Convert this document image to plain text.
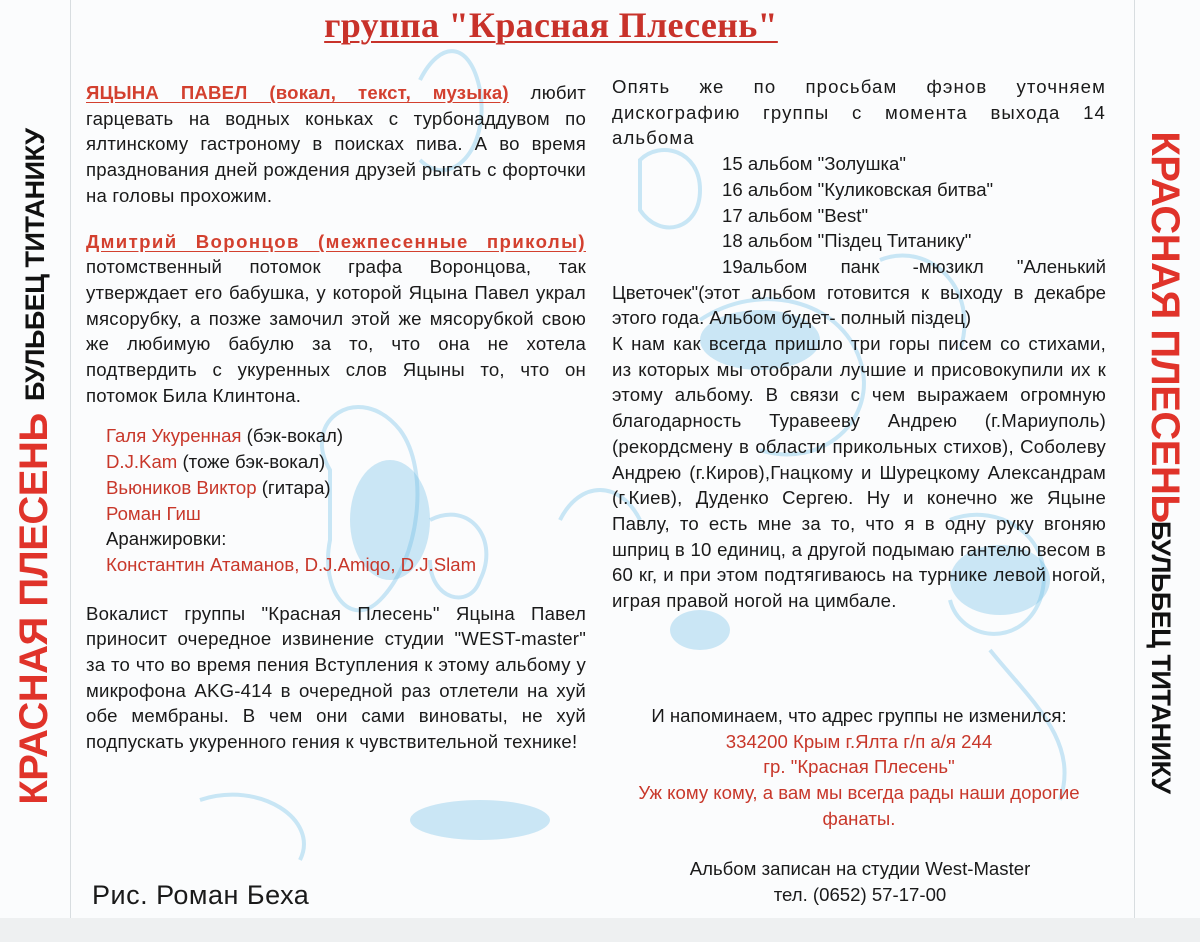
группа "Красная Плесень"

ЯЦЫНА ПАВЕЛ (вокал, текст, музыка) любит гарцевать на водных коньках с турбонаддувом по ялтинскому гастроному в поисках пива. А во время празднования дней рождения друзей рыгать с форточки на головы прохожим.

Дмитрий Воронцов (межпесенные приколы) потомственный потомок графа Воронцова, так утверждает его бабушка, у которой Яцына Павел украл мясорубку, а позже замочил этой же мясорубкой свою же любимую бабулю за то, что она не хотела подтвердить с укуренных слов Яцыны то, что он потомок Била Клинтона.

Галя Укуренная (бэк-вокал)
D.J.Kam (тоже бэк-вокал)
Вьюников Виктор (гитара)
Роман Гиш
Аранжировки:
Константин Атаманов, D.J.Amiqo, D.J.Slam

Вокалист группы "Красная Плесень" Яцына Павел приносит очередное извинение студии "WEST-master" за то что во время пения Вступления к этому альбому у микрофона AKG-414 в очередной раз отлетели на хуй обе мембраны. В чем они сами виноваты, не хуй подпускать укуренного гения к чувствительной технике!

Опять же по просьбам фэнов уточняем дискографию группы с момента выхода 14 альбома

15 альбом "Золушка"
16 альбом "Куликовская битва"
17 альбом "Best"
18 альбом "Піздец Титанику"
19альбом панк -мюзикл "Аленький Цветочек"(этот альбом готовится к выходу в декабре этого года. Альбом будет- полный піздец)

К нам как всегда пришло три горы писем со стихами, из которых мы отобрали лучшие и присовокупили их к этому альбому. В связи с чем выражаем огромную благодарность Туравееву Андрею (г.Мариуполь) (рекордсмену в области прикольных стихов), Соболеву Андрею (г.Киров),Гнацкому и Шурецкому Александрам (г.Киев), Дуденко Сергею. Ну и конечно же Яцыне Павлу, то есть мне за то, что я в одну руку вгоняю шприц в 10 единиц, а другой подымаю гантелю весом в 60 кг, и при этом подтягиваюсь на турнике левой ногой, играя правой ногой на цимбале.

И напоминаем, что адрес группы не изменился:
334200 Крым г.Ялта г/п а/я 244
гр. "Красная Плесень"
Уж кому кому, а вам мы всегда рады наши дорогие фанаты.
Альбом записан на студии West-Master
тел. (0652) 57-17-00
Рис. Роман Беха
КРАСНАЯ ПЛЕСЕНЬ
БУЛЬБЕЦ ТИТАНИКУ	КРАСНАЯ ПЛЕСЕНЬ
БУЛЬБЕЦ ТИТАНИКУ
